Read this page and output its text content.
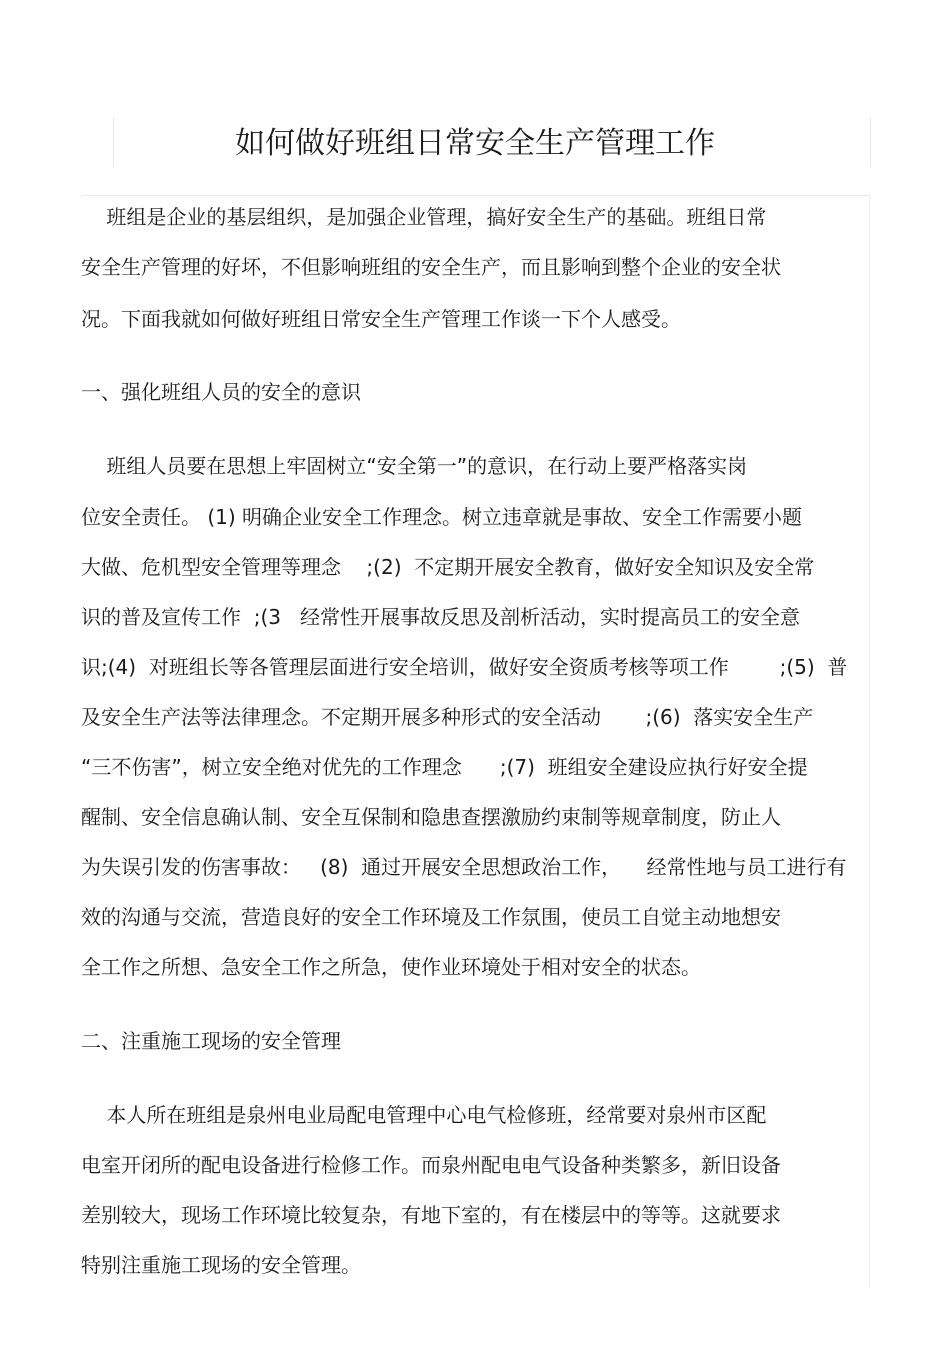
如何做好班组日常安全生产管理工作
班组是企业的基层组织，是加强企业管理，搞好安全生产的基础。班组日常
安全生产管理的好坏，不但影响班组的安全生产，而且影响到整个企业的安全状
况。下面我就如何做好班组日常安全生产管理工作谈一下个人感受。
一、强化班组人员的安全的意识
班组人员要在思想上牢固树立“安全第一”的意识，在行动上要严格落实岗
位安全责任。 (1) 明确企业安全工作理念。树立违章就是事故、安全工作需要小题
大做、危机型安全管理等理念    ;(2)  不定期开展安全教育，做好安全知识及安全常
识的普及宣传工作  ;(3   经常性开展事故反思及剖析活动，实时提高员工的安全意
识;(4)  对班组长等各管理层面进行安全培训，做好安全资质考核等项工作        ;(5)  普
及安全生产法等法律理念。不定期开展多种形式的安全活动       ;(6)  落实安全生产
“三不伤害”，树立安全绝对优先的工作理念      ;(7)  班组安全建设应执行好安全提
醒制、安全信息确认制、安全互保制和隐患查摆激励约束制等规章制度，防止人
为失误引发的伤害事故：   (8)  通过开展安全思想政治工作，    经常性地与员工进行有
效的沟通与交流，营造良好的安全工作环境及工作氛围，使员工自觉主动地想安
全工作之所想、急安全工作之所急，使作业环境处于相对安全的状态。
二、注重施工现场的安全管理
本人所在班组是泉州电业局配电管理中心电气检修班，经常要对泉州市区配
电室开闭所的配电设备进行检修工作。而泉州配电电气设备种类繁多，新旧设备
差别较大，现场工作环境比较复杂，有地下室的，有在楼层中的等等。这就要求
特别注重施工现场的安全管理。
